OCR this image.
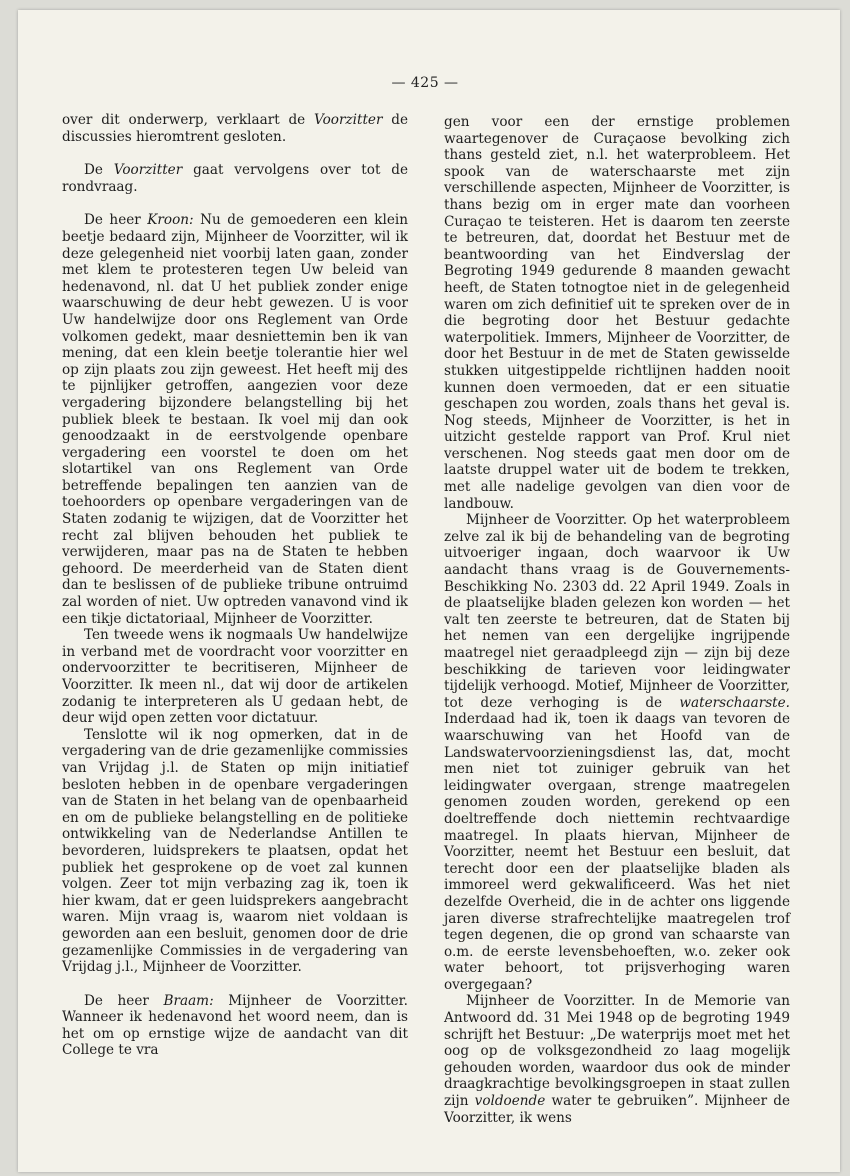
— 425 —

over dit onderwerp, verklaart de Voorzitter de discussies hieromtrent gesloten.

De Voorzitter gaat vervolgens over tot de rondvraag.

De heer Kroon: Nu de gemoederen een klein beetje bedaard zijn, Mijnheer de Voorzitter, wil ik deze gelegenheid niet voorbij laten gaan, zonder met klem te protesteren tegen Uw beleid van hedenavond, nl. dat U het publiek zonder enige waarschuwing de deur hebt gewezen. U is voor Uw handelwijze door ons Reglement van Orde volkomen gedekt, maar desniettemin ben ik van mening, dat een klein beetje tolerantie hier wel op zijn plaats zou zijn geweest. Het heeft mij des te pijnlijker getroffen, aangezien voor deze vergadering bijzondere belangstelling bij het publiek bleek te bestaan. Ik voel mij dan ook genoodzaakt in de eerstvolgende openbare vergadering een voorstel te doen om het slotartikel van ons Reglement van Orde betreffende bepalingen ten aanzien van de toehoorders op openbare vergaderingen van de Staten zodanig te wijzigen, dat de Voorzitter het recht zal blijven behouden het publiek te verwijderen, maar pas na de Staten te hebben gehoord. De meerderheid van de Staten dient dan te beslissen of de publieke tribune ontruimd zal worden of niet. Uw optreden vanavond vind ik een tikje dictatoriaal, Mijnheer de Voorzitter.

Ten tweede wens ik nogmaals Uw handelwijze in verband met de voordracht voor voorzitter en ondervoorzitter te becritiseren, Mijnheer de Voorzitter. Ik meen nl., dat wij door de artikelen zodanig te interpreteren als U gedaan hebt, de deur wijd open zetten voor dictatuur.

Tenslotte wil ik nog opmerken, dat in de vergadering van de drie gezamenlijke commissies van Vrijdag j.l. de Staten op mijn initiatief besloten hebben in de openbare vergaderingen van de Staten in het belang van de openbaarheid en om de publieke belangstelling en de politieke ontwikkeling van de Nederlandse Antillen te bevorderen, luidsprekers te plaatsen, opdat het publiek het gesprokene op de voet zal kunnen volgen. Zeer tot mijn verbazing zag ik, toen ik hier kwam, dat er geen luidsprekers aangebracht waren. Mijn vraag is, waarom niet voldaan is geworden aan een besluit, genomen door de drie gezamenlijke Commissies in de vergadering van Vrijdag j.l., Mijnheer de Voorzitter.

De heer Braam: Mijnheer de Voorzitter. Wanneer ik hedenavond het woord neem, dan is het om op ernstige wijze de aandacht van dit College te vra

gen voor een der ernstige problemen waartegenover de Curaçaose bevolking zich thans gesteld ziet, n.l. het waterprobleem. Het spook van de waterschaarste met zijn verschillende aspecten, Mijnheer de Voorzitter, is thans bezig om in erger mate dan voorheen Curaçao te teisteren. Het is daarom ten zeerste te betreuren, dat, doordat het Bestuur met de beantwoording van het Eindverslag der Begroting 1949 gedurende 8 maanden gewacht heeft, de Staten totnogtoe niet in de gelegenheid waren om zich definitief uit te spreken over de in die begroting door het Bestuur gedachte waterpolitiek. Immers, Mijnheer de Voorzitter, de door het Bestuur in de met de Staten gewisselde stukken uitgestippelde richtlijnen hadden nooit kunnen doen vermoeden, dat er een situatie geschapen zou worden, zoals thans het geval is. Nog steeds, Mijnheer de Voorzitter, is het in uitzicht gestelde rapport van Prof. Krul niet verschenen. Nog steeds gaat men door om de laatste druppel water uit de bodem te trekken, met alle nadelige gevolgen van dien voor de landbouw.

Mijnheer de Voorzitter. Op het waterprobleem zelve zal ik bij de behandeling van de begroting uitvoeriger ingaan, doch waarvoor ik Uw aandacht thans vraag is de Gouvernements-Beschikking No. 2303 dd. 22 April 1949. Zoals in de plaatselijke bladen gelezen kon worden — het valt ten zeerste te betreuren, dat de Staten bij het nemen van een dergelijke ingrijpende maatregel niet geraadpleegd zijn — zijn bij deze beschikking de tarieven voor leidingwater tijdelijk verhoogd. Motief, Mijnheer de Voorzitter, tot deze verhoging is de waterschaarste. Inderdaad had ik, toen ik daags van tevoren de waarschuwing van het Hoofd van de Landswatervoorzieningsdienst las, dat, mocht men niet tot zuiniger gebruik van het leidingwater overgaan, strenge maatregelen genomen zouden worden, gerekend op een doeltreffende doch niettemin rechtvaardige maatregel. In plaats hiervan, Mijnheer de Voorzitter, neemt het Bestuur een besluit, dat terecht door een der plaatselijke bladen als immoreel werd gekwalificeerd. Was het niet dezelfde Overheid, die in de achter ons liggende jaren diverse strafrechtelijke maatregelen trof tegen degenen, die op grond van schaarste van o.m. de eerste levensbehoeften, w.o. zeker ook water behoort, tot prijsverhoging waren overgegaan?

Mijnheer de Voorzitter. In de Memorie van Antwoord dd. 31 Mei 1948 op de begroting 1949 schrijft het Bestuur: „De waterprijs moet met het oog op de volksgezondheid zo laag mogelijk gehouden worden, waardoor dus ook de minder draagkrachtige bevolkingsgroepen in staat zullen zijn voldoende water te gebruiken”. Mijnheer de Voorzitter, ik wens
